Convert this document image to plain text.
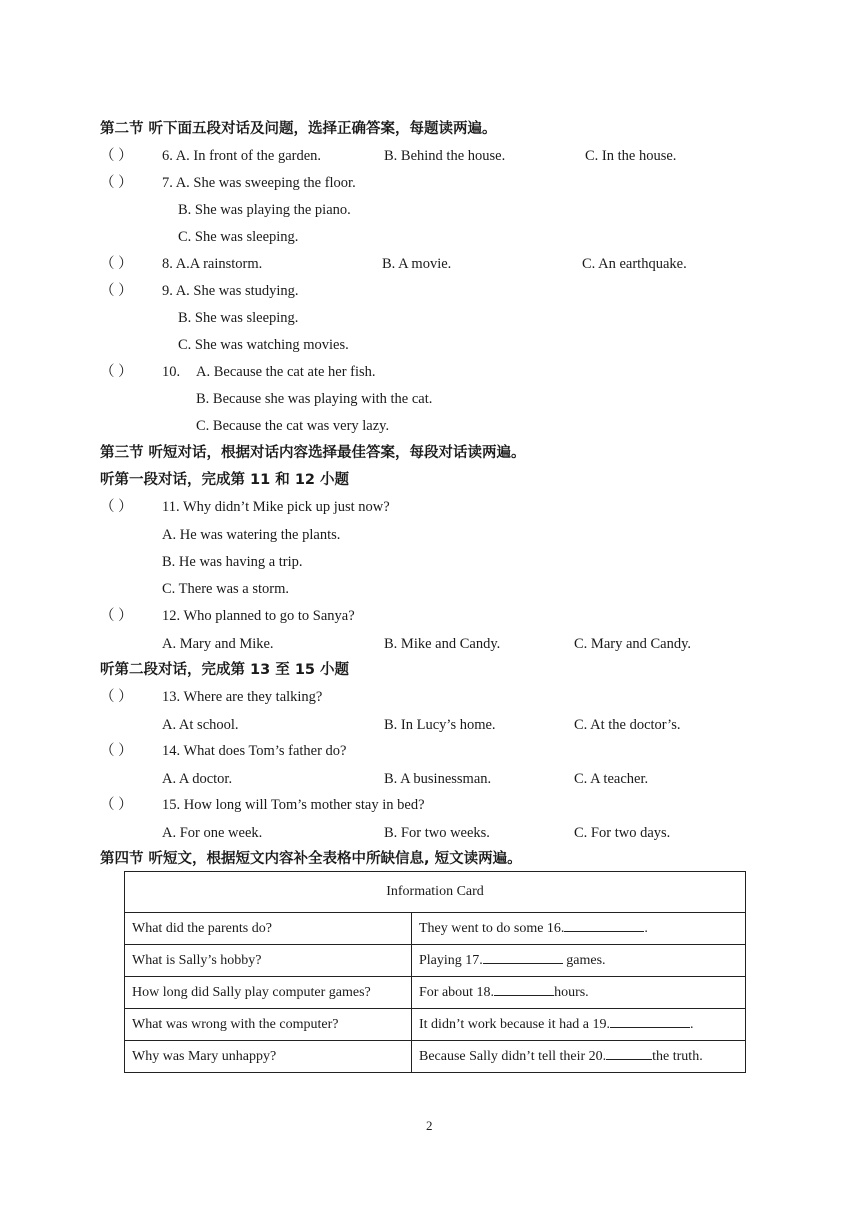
第二节 听下面五段对话及问题，选择正确答案，每题读两遍。
（ ） 6. A. In front of the garden.	B. Behind the house.	C. In the house.
（ ） 7. A. She was sweeping the floor.
B. She was playing the piano.
C. She was sleeping.
（ ） 8. A.A rainstorm.	B. A movie.	C. An earthquake.
（ ） 9. A. She was studying.
B. She was sleeping.
C. She was watching movies.
（ ） 10. A. Because the cat ate her fish.
B. Because she was playing with the cat.
C. Because the cat was very lazy.
第三节 听短对话，根据对话内容选择最佳答案，每段对话读两遍。
听第一段对话，完成第 11 和 12 小题
（ ） 11. Why didn’t Mike pick up just now?
A. He was watering the plants.
B. He was having a trip.
C. There was a storm.
（ ） 12. Who planned to go to Sanya?
A. Mary and Mike.	B. Mike and Candy.	C. Mary and Candy.
听第二段对话，完成第 13 至 15 小题
（ ） 13. Where are they talking?
A. At school.	B. In Lucy’s home.	C. At the doctor’s.
（ ） 14. What does Tom’s father do?
A. A doctor.	B. A businessman.	C. A teacher.
（ ） 15. How long will Tom’s mother stay in bed?
A. For one week.	B. For two weeks.	C. For two days.
第四节 听短文，根据短文内容补全表格中所缺信息, 短文读两遍。
Information Card	
What did the parents do?	They went to do some 16. .
What is Sally’s hobby?	Playing 17. games.
How long did Sally play computer games?	For about 18. hours.
What was wrong with the computer?	It didn’t work because it had a 19. .
Why was Mary unhappy?	Because Sally didn’t tell their 20. the truth.
2
